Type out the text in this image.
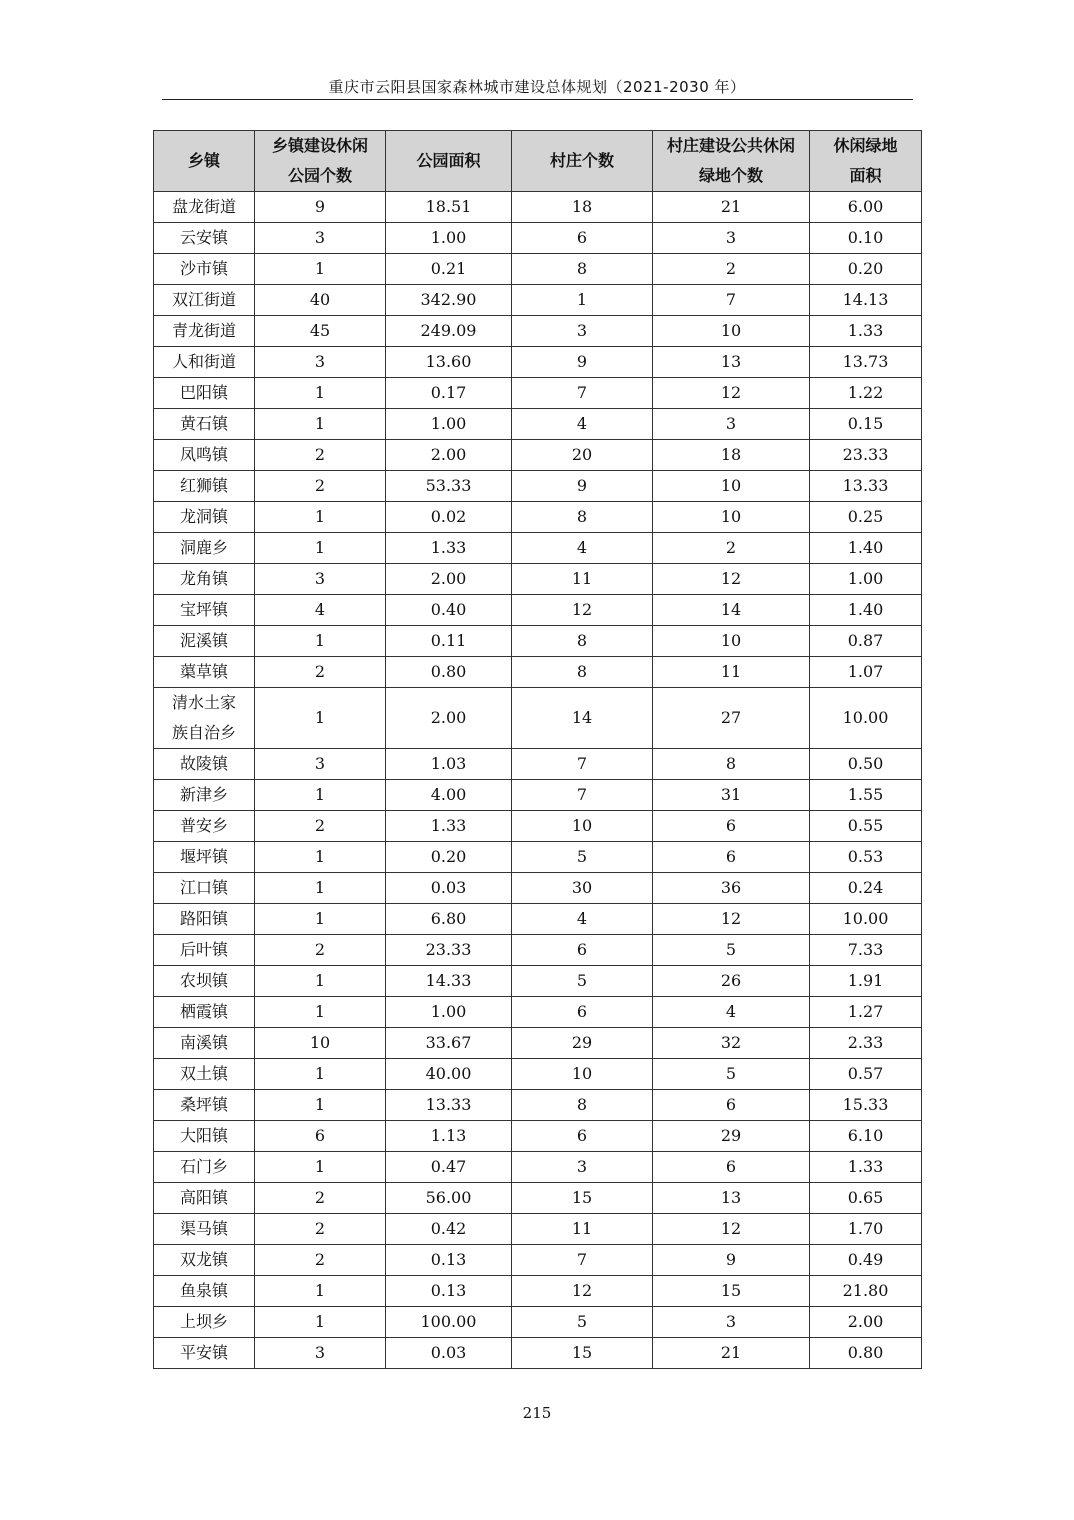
重庆市云阳县国家森林城市建设总体规划（2021-2030 年）
乡镇	乡镇建设休闲公园个数	公园面积	村庄个数	村庄建设公共休闲绿地个数	休闲绿地面积
盘龙街道	9	18.51	18	21	6.00
云安镇	3	1.00	6	3	0.10
沙市镇	1	0.21	8	2	0.20
双江街道	40	342.90	1	7	14.13
青龙街道	45	249.09	3	10	1.33
人和街道	3	13.60	9	13	13.73
巴阳镇	1	0.17	7	12	1.22
黄石镇	1	1.00	4	3	0.15
凤鸣镇	2	2.00	20	18	23.33
红狮镇	2	53.33	9	10	13.33
龙洞镇	1	0.02	8	10	0.25
洞鹿乡	1	1.33	4	2	1.40
龙角镇	3	2.00	11	12	1.00
宝坪镇	4	0.40	12	14	1.40
泥溪镇	1	0.11	8	10	0.87
蕖草镇	2	0.80	8	11	1.07
清水土家族自治乡	1	2.00	14	27	10.00
故陵镇	3	1.03	7	8	0.50
新津乡	1	4.00	7	31	1.55
普安乡	2	1.33	10	6	0.55
堰坪镇	1	0.20	5	6	0.53
江口镇	1	0.03	30	36	0.24
路阳镇	1	6.80	4	12	10.00
后叶镇	2	23.33	6	5	7.33
农坝镇	1	14.33	5	26	1.91
栖霞镇	1	1.00	6	4	1.27
南溪镇	10	33.67	29	32	2.33
双土镇	1	40.00	10	5	0.57
桑坪镇	1	13.33	8	6	15.33
大阳镇	6	1.13	6	29	6.10
石门乡	1	0.47	3	6	1.33
高阳镇	2	56.00	15	13	0.65
渠马镇	2	0.42	11	12	1.70
双龙镇	2	0.13	7	9	0.49
鱼泉镇	1	0.13	12	15	21.80
上坝乡	1	100.00	5	3	2.00
平安镇	3	0.03	15	21	0.80
215
